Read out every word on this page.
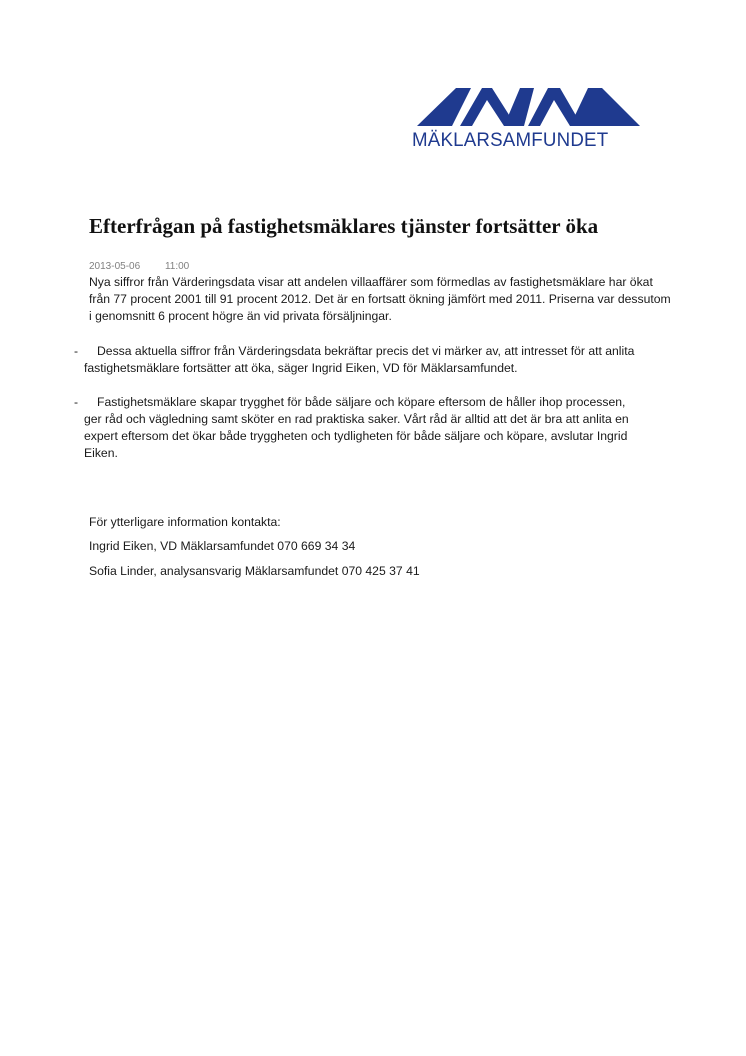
MÄKLARSAMFUNDET
Efterfrågan på fastighetsmäklares tjänster fortsätter öka
2013-05-06 11:00

Nya siffror från Värderingsdata visar att andelen villaaffärer som förmedlas av fastighetsmäklare har ökat från 77 procent 2001 till 91 procent 2012. Det är en fortsatt ökning jämfört med 2011. Priserna var dessutom i genomsnitt 6 procent högre än vid privata försäljningar.

-	Dessa aktuella siffror från Värderingsdata bekräftar precis det vi märker av, att intresset för att anlita fastighetsmäklare fortsätter att öka, säger Ingrid Eiken, VD för Mäklarsamfundet.

-	Fastighetsmäklare skapar trygghet för både säljare och köpare eftersom de håller ihop processen, ger råd och vägledning samt sköter en rad praktiska saker. Vårt råd är alltid att det är bra att anlita en expert eftersom det ökar både tryggheten och tydligheten för både säljare och köpare, avslutar Ingrid Eiken.

För ytterligare information kontakta:

Ingrid Eiken, VD Mäklarsamfundet 070 669 34 34

Sofia Linder, analysansvarig Mäklarsamfundet 070 425 37 41
